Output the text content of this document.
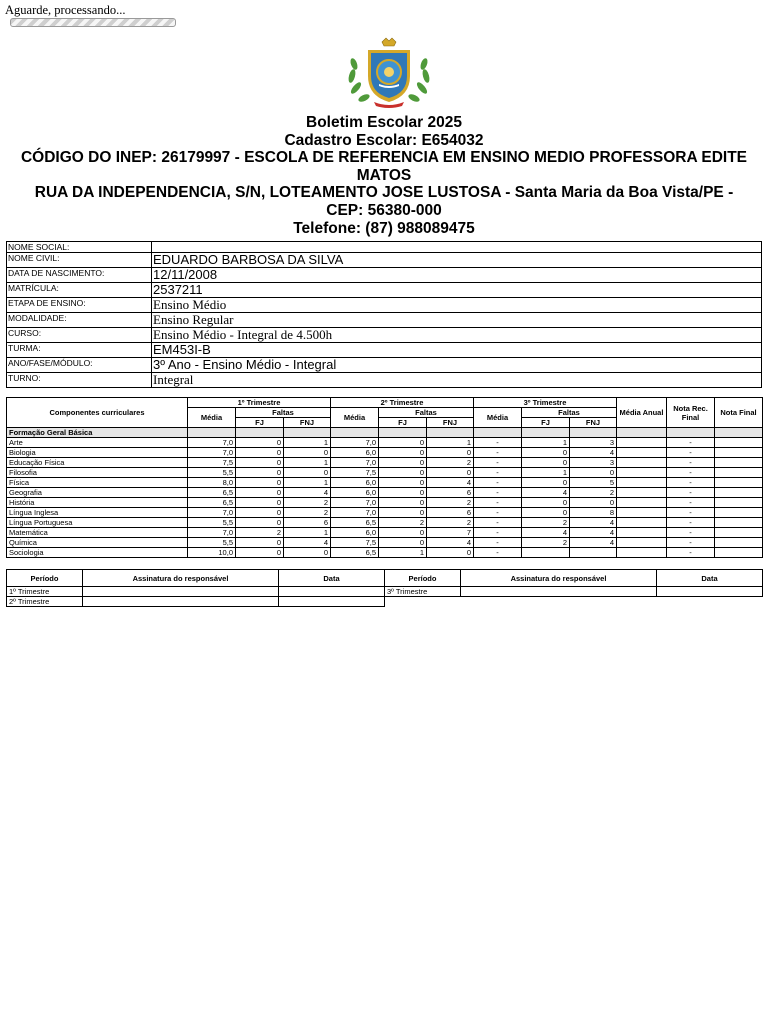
Aguarde, processando...
Boletim Escolar 2025
Cadastro Escolar: E654032
CÓDIGO DO INEP: 26179997 - ESCOLA DE REFERENCIA EM ENSINO MEDIO PROFESSORA EDITE MATOS
RUA DA INDEPENDENCIA, S/N, LOTEAMENTO JOSE LUSTOSA - Santa Maria da Boa Vista/PE - CEP: 56380-000
Telefone: (87) 988089475
NOME SOCIAL:	
NOME CIVIL:	EDUARDO BARBOSA DA SILVA
DATA DE NASCIMENTO:	12/11/2008
MATRÍCULA:	2537211
ETAPA DE ENSINO:	Ensino Médio
MODALIDADE:	Ensino Regular
CURSO:	Ensino Médio - Integral de 4.500h
TURMA:	EM453I-B
ANO/FASE/MÓDULO:	3º Ano - Ensino Médio - Integral
TURNO:	Integral
Componentes curriculares	1º Trimestre			2º Trimestre			3º Trimestre			Média Anual	Nota Rec. Final	Nota Final
	Média	Faltas		Média	Faltas		Média	Faltas				
		FJ	FNJ		FJ	FNJ		FJ	FNJ			
Formação Geral Básica												
Arte	7,0	0	1	7,0	0	1	-	1	3		-	
Biologia	7,0	0	0	6,0	0	0	-	0	4		-	
Educação Física	7,5	0	1	7,0	0	2	-	0	3		-	
Filosofia	5,5	0	0	7,5	0	0	-	1	0		-	
Física	8,0	0	1	6,0	0	4	-	0	5		-	
Geografia	6,5	0	4	6,0	0	6	-	4	2		-	
História	6,5	0	2	7,0	0	2	-	0	0		-	
Língua Inglesa	7,0	0	2	7,0	0	6	-	0	8		-	
Língua Portuguesa	5,5	0	6	6,5	2	2	-	2	4		-	
Matemática	7,0	2	1	6,0	0	7	-	4	4		-	
Química	5,5	0	4	7,5	0	4	-	2	4		-	
Sociologia	10,0	0	0	6,5	1	0	-				-	
Período	Assinatura do responsável	Data	Período	Assinatura do responsável	Data
1º Trimestre			3º Trimestre		
2º Trimestre					
